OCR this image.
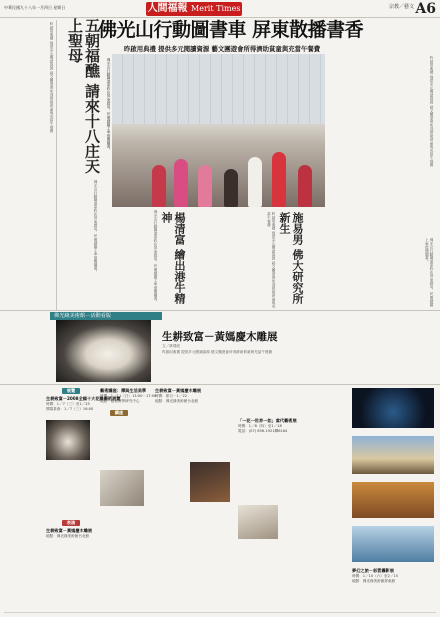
中華民國九十八年一月四日 星期日	人間福報 Merit Times	宗教／藝文 A6
昨啟用典禮 提供多元閱讀資源 藝文團遊會所得濟助貧童與充當午餐費	五朝福醮 請來十八庄天上聖母
佛光山行動圖書車昨在屏東啟用，民眾踴躍上車借閱圖書。
佛光山行動圖書車 屏東散播書香
昨啟用典禮 提供多元閱讀資源 藝文團遊會所得濟助貧童與充當午餐費
佛光山行動圖書車昨在屏東啟用，民眾踴躍上車借閱圖書。	昨啟用典禮 提供多元閱讀資源 藝文團遊會所得濟助貧童與充當午餐費
佛光山行動圖書車昨在屏東啟用，民眾踴躍上車借閱圖書。	楊清富 繪出港牛精神	昨啟用典禮 提供多元閱讀資源 藝文團遊會所得濟助貧童與充當午餐費	施易男 佛大研究所新生
佛光山行動圖書車昨在屏東啟用，民眾踴躍上車借閱圖書。
佛光緣美術館－活動看版
生耕致富－黃媽慶木雕展
文／林靖庭
昨啟用典禮 提供多元閱讀資源 藝文團遊會所得濟助貧童與充當午餐費
展覽
生耕致富－2008全國十大花雕藝術展覽
時間：1／7（三）至1／25
開幕茶會：1／7（三）16:00
表演
生耕致富－黃媽慶木雕展
地點：佛光緣美術館台北館
藝術講座：禪與生活美學
時間：1／11（日）13:00－17:00
地點：藝術教學研究中心
講座
生耕致富－黃媽慶木雕展
時間：即日－1／22
地點：佛光緣美術館台北館
「一花一世界一如」當代藝術展
時間：1／8（四）至1／18
電話：(07) 656-1921轉6164
夢幻之旅－彩雲攝影展
時間：1／10（六）至2／15
地點：佛光緣美術館屏東館
